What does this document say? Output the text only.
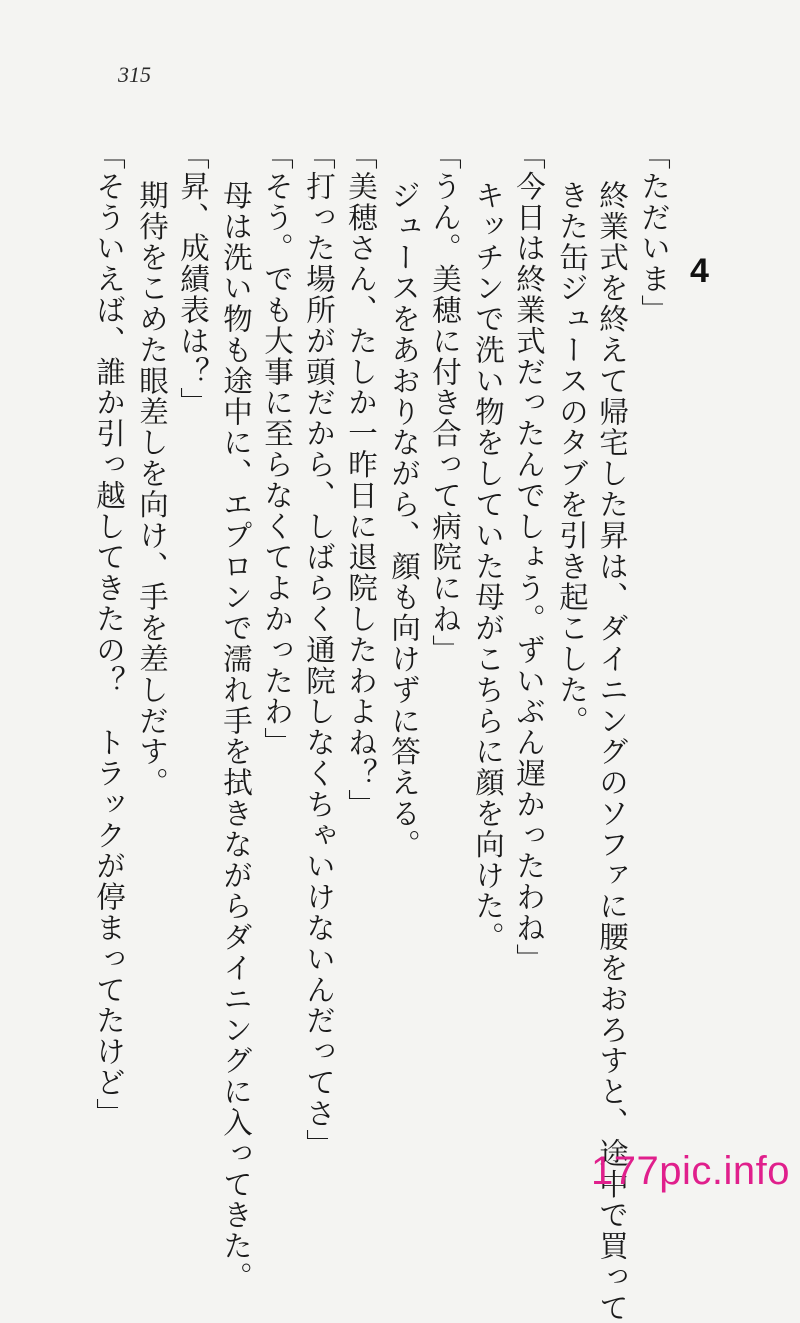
315
4
終業式を終えて帰宅した昇は、ダイニングのソファに腰をおろすと、途中で買って
きた缶ジュースのタブを引き起こした。
「今日は終業式だったんでしょう。ずいぶん遅かったわね」
キッチンで洗い物をしていた母がこちらに顔を向けた。
「うん。美穂に付き合って病院にね」
ジュースをあおりながら、顔も向けずに答える。
「美穂さん、たしか一昨日に退院したわよね？」
「打った場所が頭だから、しばらく通院しなくちゃいけないんだってさ」
「そう。でも大事に至らなくてよかったわ」
母は洗い物も途中に、エプロンで濡れ手を拭きながらダイニングに入ってきた。
「昇、成績表は？」
期待をこめた眼差しを向け、手を差しだす。
「そういえば、誰か引っ越してきたの？　トラックが停まってたけど」	「ただいま」
177pic.info
